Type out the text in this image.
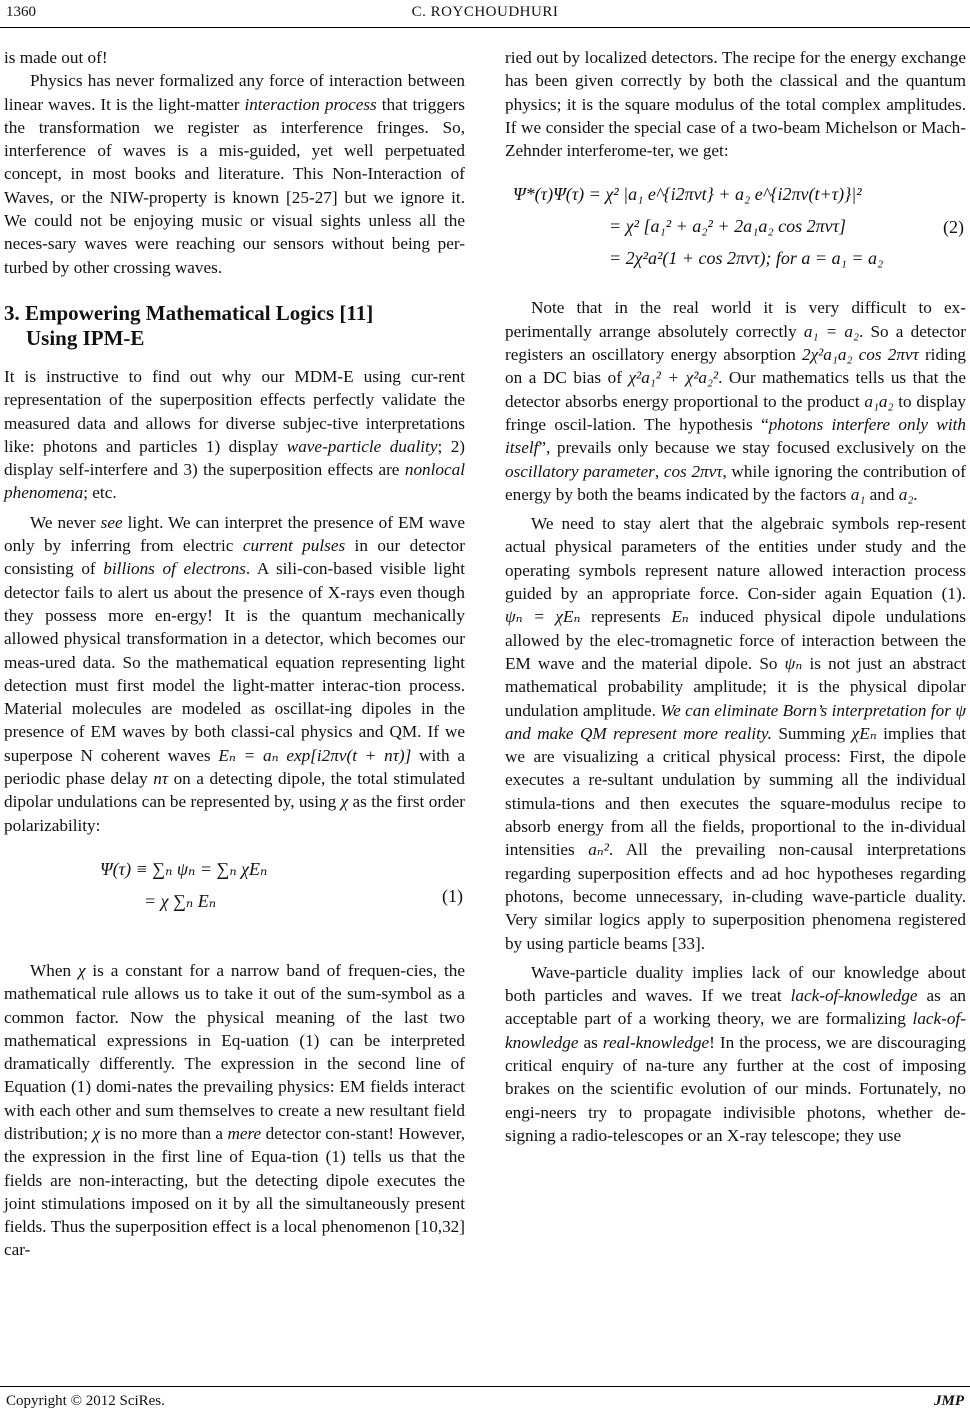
1360	C. ROYCHOUDHURI

is made out of!

Physics has never formalized any force of interaction between linear waves. It is the light-matter interaction process that triggers the transformation we register as interference fringes. So, interference of waves is a mis-guided, yet well perpetuated concept, in most books and literature. This Non-Interaction of Waves, or the NIW-property is known [25-27] but we ignore it. We could not be enjoying music or visual sights unless all the neces-sary waves were reaching our sensors without being per-turbed by other crossing waves.

3. Empowering Mathematical Logics [11]
Using IPM-E

It is instructive to find out why our MDM-E using cur-rent representation of the superposition effects perfectly validate the measured data and allows for diverse subjec-tive interpretations like: photons and particles 1) display wave-particle duality; 2) display self-interfere and 3) the superposition effects are nonlocal phenomena; etc.

We never see light. We can interpret the presence of EM wave only by inferring from electric current pulses in our detector consisting of billions of electrons. A sili-con-based visible light detector fails to alert us about the presence of X-rays even though they possess more en-ergy! It is the quantum mechanically allowed physical transformation in a detector, which becomes our meas-ured data. So the mathematical equation representing light detection must first model the light-matter interac-tion process. Material molecules are modeled as oscillat-ing dipoles in the presence of EM waves by both classi-cal physics and QM. If we superpose N coherent waves Eₙ = aₙ exp[i2πν(t + nτ)] with a periodic phase delay nτ on a detecting dipole, the total stimulated dipolar undulations can be represented by, using χ as the first order polarizability:

Ψ(τ) ≡ ∑ₙ ψₙ = ∑ₙ χEₙ
= χ ∑ₙ Eₙ	(1)

When χ is a constant for a narrow band of frequen-cies, the mathematical rule allows us to take it out of the sum-symbol as a common factor. Now the physical meaning of the last two mathematical expressions in Eq-uation (1) can be interpreted dramatically differently. The expression in the second line of Equation (1) domi-nates the prevailing physics: EM fields interact with each other and sum themselves to create a new resultant field distribution; χ is no more than a mere detector con-stant! However, the expression in the first line of Equa-tion (1) tells us that the fields are non-interacting, but the detecting dipole executes the joint stimulations imposed on it by all the simultaneously present fields. Thus the superposition effect is a local phenomenon [10,32] car-

ried out by localized detectors. The recipe for the energy exchange has been given correctly by both the classical and the quantum physics; it is the square modulus of the total complex amplitudes. If we consider the special case of a two-beam Michelson or Mach-Zehnder interferome-ter, we get:

Ψ*(τ)Ψ(τ) = χ² |a₁ e^{i2πνt} + a₂ e^{i2πν(t+τ)}|²
= χ² [a₁² + a₂² + 2a₁a₂ cos 2πντ]
= 2χ²a²(1 + cos 2πντ); for a = a₁ = a₂
(2)

Note that in the real world it is very difficult to ex-perimentally arrange absolutely correctly a₁ = a₂. So a detector registers an oscillatory energy absorption 2χ²a₁a₂ cos 2πντ riding on a DC bias of χ²a₁² + χ²a₂². Our mathematics tells us that the detector absorbs energy proportional to the product a₁a₂ to display fringe oscil-lation. The hypothesis “photons interfere only with itself”, prevails only because we stay focused exclusively on the oscillatory parameter, cos 2πντ, while ignoring the contribution of energy by both the beams indicated by the factors a₁ and a₂.

We need to stay alert that the algebraic symbols rep-resent actual physical parameters of the entities under study and the operating symbols represent nature allowed interaction process guided by an appropriate force. Con-sider again Equation (1). ψₙ = χEₙ represents Eₙ induced physical dipole undulations allowed by the elec-tromagnetic force of interaction between the EM wave and the material dipole. So ψₙ is not just an abstract mathematical probability amplitude; it is the physical dipolar undulation amplitude. We can eliminate Born’s interpretation for ψ and make QM represent more reality. Summing χEₙ implies that we are visualizing a critical physical process: First, the dipole executes a re-sultant undulation by summing all the individual stimula-tions and then executes the square-modulus recipe to absorb energy from all the fields, proportional to the in-dividual intensities aₙ². All the prevailing non-causal interpretations regarding superposition effects and ad hoc hypotheses regarding photons, become unnecessary, in-cluding wave-particle duality. Very similar logics apply to superposition phenomena registered by using particle beams [33].

Wave-particle duality implies lack of our knowledge about both particles and waves. If we treat lack-of-knowledge as an acceptable part of a working theory, we are formalizing lack-of-knowledge as real-knowledge! In the process, we are discouraging critical enquiry of na-ture any further at the cost of imposing brakes on the scientific evolution of our minds. Fortunately, no engi-neers try to propagate indivisible photons, whether de-signing a radio-telescopes or an X-ray telescope; they use

Copyright © 2012 SciRes.	JMP
